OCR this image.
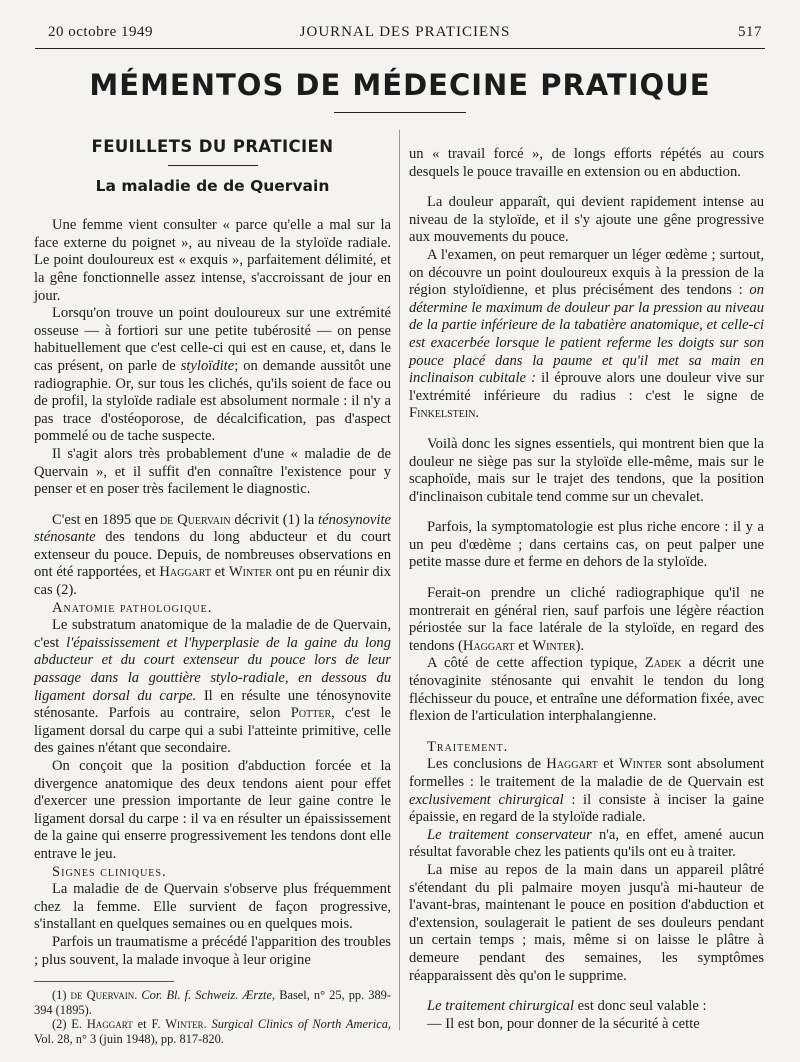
20 octobre 1949	JOURNAL DES PRATICIENS	517
MÉMENTOS DE MÉDECINE PRATIQUE
FEUILLETS DU PRATICIEN
La maladie de de Quervain

Une femme vient consulter « parce qu'elle a mal sur la face externe du poignet », au niveau de la styloïde radiale. Le point douloureux est « exquis », parfaitement délimité, et la gêne fonctionnelle assez intense, s'accroissant de jour en jour.

Lorsqu'on trouve un point douloureux sur une extrémité osseuse — à fortiori sur une petite tubérosité — on pense habituellement que c'est celle-ci qui est en cause, et, dans le cas présent, on parle de styloïdite; on demande aussitôt une radiographie. Or, sur tous les clichés, qu'ils soient de face ou de profil, la styloïde radiale est absolument normale : il n'y a pas trace d'ostéoporose, de décalcification, pas d'aspect pommelé ou de tache suspecte.

Il s'agit alors très probablement d'une « maladie de de Quervain », et il suffit d'en connaître l'existence pour y penser et en poser très facilement le diagnostic.

C'est en 1895 que de Quervain décrivit (1) la ténosynovite sténosante des tendons du long abducteur et du court extenseur du pouce. Depuis, de nombreuses observations en ont été rapportées, et Haggart et Winter ont pu en réunir dix cas (2).

Anatomie pathologique.

Le substratum anatomique de la maladie de de Quervain, c'est l'épaississement et l'hyperplasie de la gaine du long abducteur et du court extenseur du pouce lors de leur passage dans la gouttière stylo-radiale, en dessous du ligament dorsal du carpe. Il en résulte une ténosynovite sténosante. Parfois au contraire, selon Potter, c'est le ligament dorsal du carpe qui a subi l'atteinte primitive, celle des gaines n'étant que secondaire.

On conçoit que la position d'abduction forcée et la divergence anatomique des deux tendons aient pour effet d'exercer une pression importante de leur gaine contre le ligament dorsal du carpe : il va en résulter un épaississement de la gaine qui enserre progressivement les tendons dont elle entrave le jeu.

Signes cliniques.

La maladie de de Quervain s'observe plus fréquemment chez la femme. Elle survient de façon progressive, s'installant en quelques semaines ou en quelques mois.

Parfois un traumatisme a précédé l'apparition des troubles ; plus souvent, la malade invoque à leur origine

(1) de Quervain. Cor. Bl. f. Schweiz. Ærzte, Basel, n° 25, pp. 389-394 (1895).

(2) E. Haggart et F. Winter. Surgical Clinics of North America, Vol. 28, n° 3 (juin 1948), pp. 817-820.

un « travail forcé », de longs efforts répétés au cours desquels le pouce travaille en extension ou en abduction.

La douleur apparaît, qui devient rapidement intense au niveau de la styloïde, et il s'y ajoute une gêne progressive aux mouvements du pouce.

A l'examen, on peut remarquer un léger œdème ; surtout, on découvre un point douloureux exquis à la pression de la région styloïdienne, et plus précisément des tendons : on détermine le maximum de douleur par la pression au niveau de la partie inférieure de la tabatière anatomique, et celle-ci est exacerbée lorsque le patient referme les doigts sur son pouce placé dans la paume et qu'il met sa main en inclinaison cubitale : il éprouve alors une douleur vive sur l'extrémité inférieure du radius : c'est le signe de Finkelstein.

Voilà donc les signes essentiels, qui montrent bien que la douleur ne siège pas sur la styloïde elle-même, mais sur le scaphoïde, mais sur le trajet des tendons, que la position d'inclinaison cubitale tend comme sur un chevalet.

Parfois, la symptomatologie est plus riche encore : il y a un peu d'œdème ; dans certains cas, on peut palper une petite masse dure et ferme en dehors de la styloïde.

Ferait-on prendre un cliché radiographique qu'il ne montrerait en général rien, sauf parfois une légère réaction périostée sur la face latérale de la styloïde, en regard des tendons (Haggart et Winter).

A côté de cette affection typique, Zadek a décrit une ténovaginite sténosante qui envahit le tendon du long fléchisseur du pouce, et entraîne une déformation fixée, avec flexion de l'articulation interphalangienne.

Traitement.

Les conclusions de Haggart et Winter sont absolument formelles : le traitement de la maladie de de Quervain est exclusivement chirurgical : il consiste à inciser la gaine épaissie, en regard de la styloïde radiale.

Le traitement conservateur n'a, en effet, amené aucun résultat favorable chez les patients qu'ils ont eu à traiter.

La mise au repos de la main dans un appareil plâtré s'étendant du pli palmaire moyen jusqu'à mi-hauteur de l'avant-bras, maintenant le pouce en position d'abduction et d'extension, soulagerait le patient de ses douleurs pendant un certain temps ; mais, même si on laisse le plâtre à demeure pendant des semaines, les symptômes réapparaissent dès qu'on le supprime.

Le traitement chirurgical est donc seul valable :

— Il est bon, pour donner de la sécurité à cette
